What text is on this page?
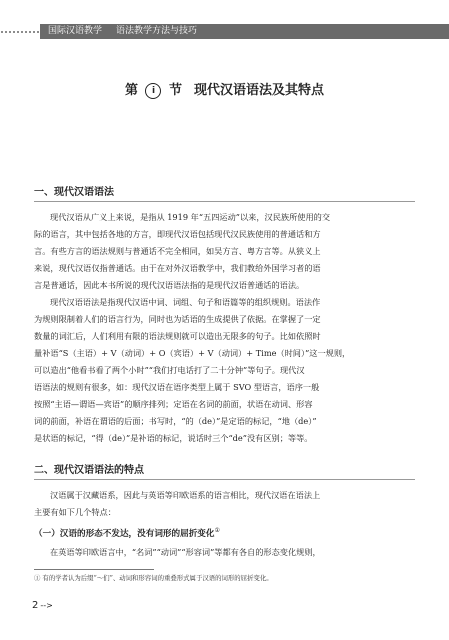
国际汉语教学 语法教学方法与技巧
第 i 节 现代汉语语法及其特点
一、现代汉语语法
现代汉语从广义上来说，是指从 1919 年“五四运动”以来，汉民族所使用的交
际的语言，其中包括各地的方言，即现代汉语包括现代汉民族使用的普通话和方
言。有些方言的语法规则与普通话不完全相同，如吴方言、粤方言等。从狭义上
来说，现代汉语仅指普通话。由于在对外汉语教学中，我们教给外国学习者的语
言是普通话，因此本书所说的现代汉语语法指的是现代汉语普通话的语法。
现代汉语语法是指现代汉语中词、词组、句子和语篇等的组织规则。语法作
为规则限制着人们的语言行为，同时也为话语的生成提供了依据。在掌握了一定
数量的词汇后，人们利用有限的语法规则就可以造出无限多的句子。比如依照时
量补语“S（主语）+ V（动词）+ O（宾语）+ V（动词）+ Time（时间）”这一规则，
可以造出“他看书看了两个小时”“我们打电话打了二十分钟”等句子。现代汉
语语法的规则有很多，如：现代汉语在语序类型上属于 SVO 型语言，语序一般
按照“主语—谓语—宾语”的顺序排列；定语在名词的前面，状语在动词、形容
词的前面，补语在谓语的后面；书写时，“的（de）”是定语的标记，“地（de）”
是状语的标记，“得（de）”是补语的标记，说话时三个“de”没有区别；等等。
二、现代汉语语法的特点
汉语属于汉藏语系，因此与英语等印欧语系的语言相比，现代汉语在语法上
主要有如下几个特点：
（一）汉语的形态不发达，没有词形的屈折变化①
在英语等印欧语言中，“名词”“动词”“形容词”等都有各自的形态变化规则，
① 有的学者认为后缀“～们”、动词和形容词的重叠形式属于汉语的词形的屈折变化。
2 -->
